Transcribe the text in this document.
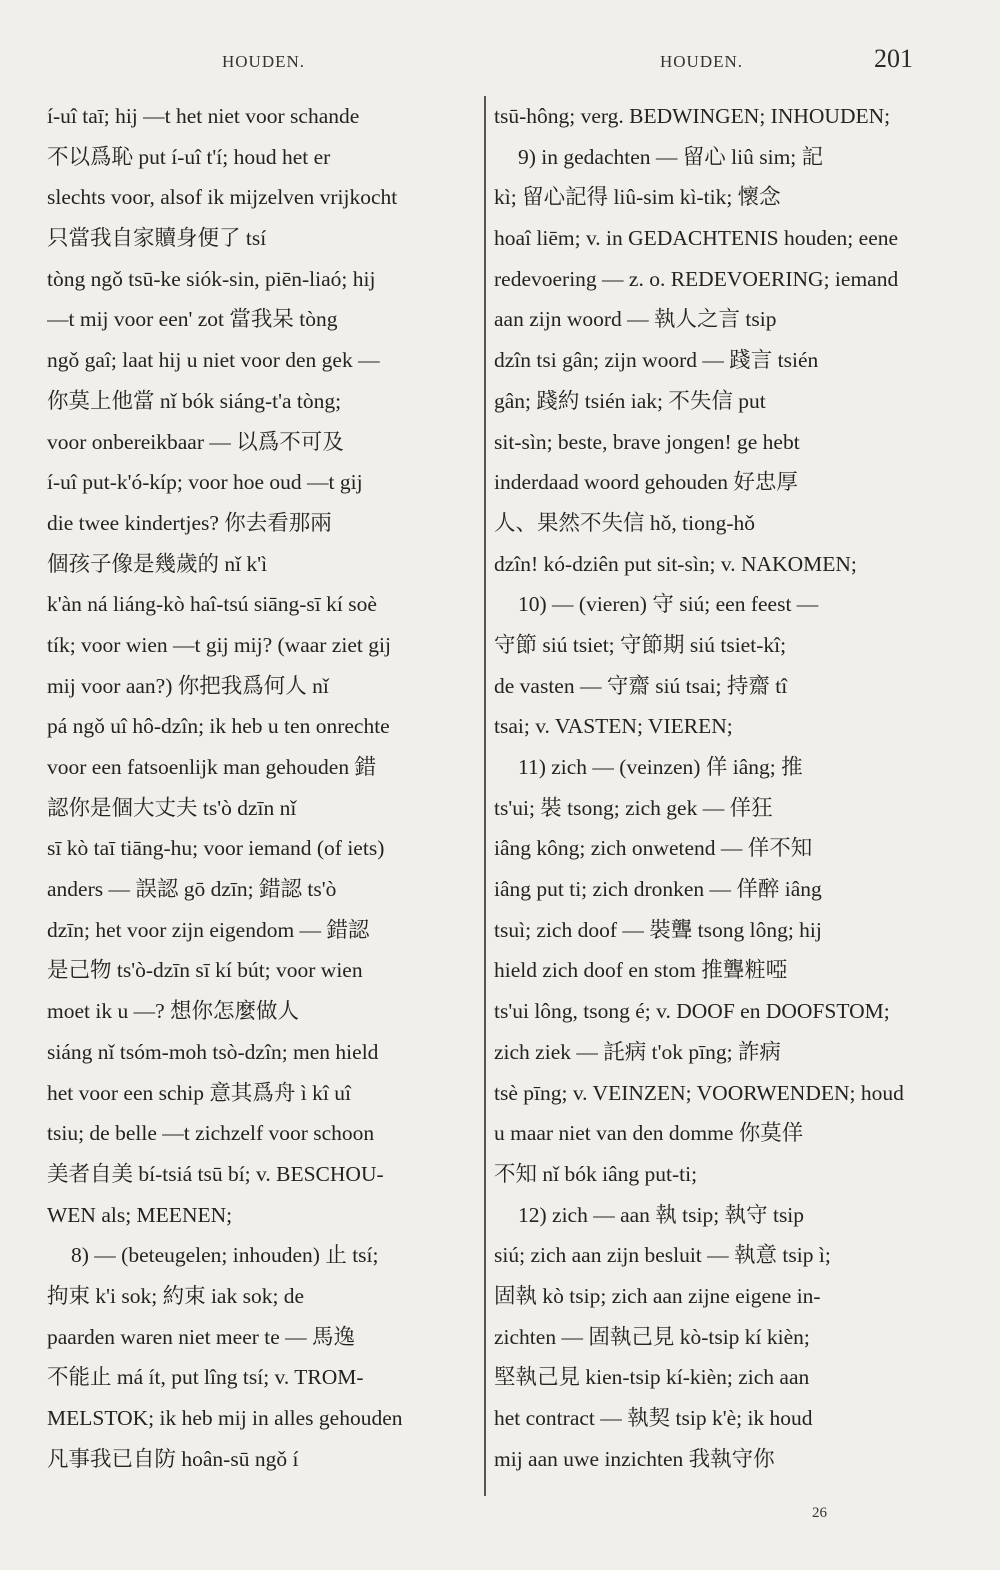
HOUDEN.	HOUDEN.	201
í-uî taī; hij —t het niet voor schande
不以爲恥 put í-uî t'í; houd het er
slechts voor, alsof ik mijzelven vrijkocht
只當我自家贖身便了 tsí
tòng ngǒ tsū-ke siók-sin, piēn-liaó; hij
—t mij voor een' zot 當我呆 tòng
ngǒ gaî; laat hij u niet voor den gek —
你莫上他當 nǐ bók siáng-t'a tòng;
voor onbereikbaar — 以爲不可及
í-uî put-k'ó-kíp; voor hoe oud —t gij
die twee kindertjes? 你去看那兩
個孩子像是幾歲的 nǐ k'ì
k'àn ná liáng-kò haî-tsú siāng-sī kí soè
tík; voor wien —t gij mij? (waar ziet gij
mij voor aan?) 你把我爲何人 nǐ
pá ngǒ uî hô-dzîn; ik heb u ten onrechte
voor een fatsoenlijk man gehouden 錯
認你是個大丈夫 ts'ò dzīn nǐ
sī kò taī tiāng-hu; voor iemand (of iets)
anders — 誤認 gō dzīn; 錯認 ts'ò
dzīn; het voor zijn eigendom — 錯認
是己物 ts'ò-dzīn sī kí bút; voor wien
moet ik u —? 想你怎麼做人
siáng nǐ tsóm-moh tsò-dzîn; men hield
het voor een schip 意其爲舟 ì kî uî
tsiu; de belle —t zichzelf voor schoon
美者自美 bí-tsiá tsū bí; v. BESCHOU-
WEN als; MEENEN;
8) — (beteugelen; inhouden) 止 tsí;
拘束 k'i sok; 約束 iak sok; de
paarden waren niet meer te — 馬逸
不能止 má ít, put lîng tsí; v. TROM-
MELSTOK; ik heb mij in alles gehouden
凡事我已自防 hoân-sū ngǒ í
tsū-hông; verg. BEDWINGEN; INHOUDEN;
9) in gedachten — 留心 liû sim; 記
kì; 留心記得 liû-sim kì-tik; 懷念
hoaî liēm; v. in GEDACHTENIS houden; eene
redevoering — z. o. REDEVOERING; iemand
aan zijn woord — 執人之言 tsip
dzîn tsi gân; zijn woord — 踐言 tsién
gân; 踐約 tsién iak; 不失信 put
sit-sìn; beste, brave jongen! ge hebt
inderdaad woord gehouden 好忠厚
人、果然不失信 hǒ, tiong-hǒ
dzîn! kó-dziên put sit-sìn; v. NAKOMEN;
10) — (vieren) 守 siú; een feest —
守節 siú tsiet; 守節期 siú tsiet-kî;
de vasten — 守齋 siú tsai; 持齋 tî
tsai; v. VASTEN; VIEREN;
11) zich — (veinzen) 佯 iâng; 推
ts'ui; 裝 tsong; zich gek — 佯狂
iâng kông; zich onwetend — 佯不知
iâng put ti; zich dronken — 佯醉 iâng
tsuì; zich doof — 裝聾 tsong lông; hij
hield zich doof en stom 推聾粧啞
ts'ui lông, tsong é; v. DOOF en DOOFSTOM;
zich ziek — 託病 t'ok pīng; 詐病
tsè pīng; v. VEINZEN; VOORWENDEN; houd
u maar niet van den domme 你莫佯
不知 nǐ bók iâng put-ti;
12) zich — aan 執 tsip; 執守 tsip
siú; zich aan zijn besluit — 執意 tsip ì;
固執 kò tsip; zich aan zijne eigene in-
zichten — 固執己見 kò-tsip kí kièn;
堅執己見 kien-tsip kí-kièn; zich aan
het contract — 執契 tsip k'è; ik houd
mij aan uwe inzichten 我執守你
26
